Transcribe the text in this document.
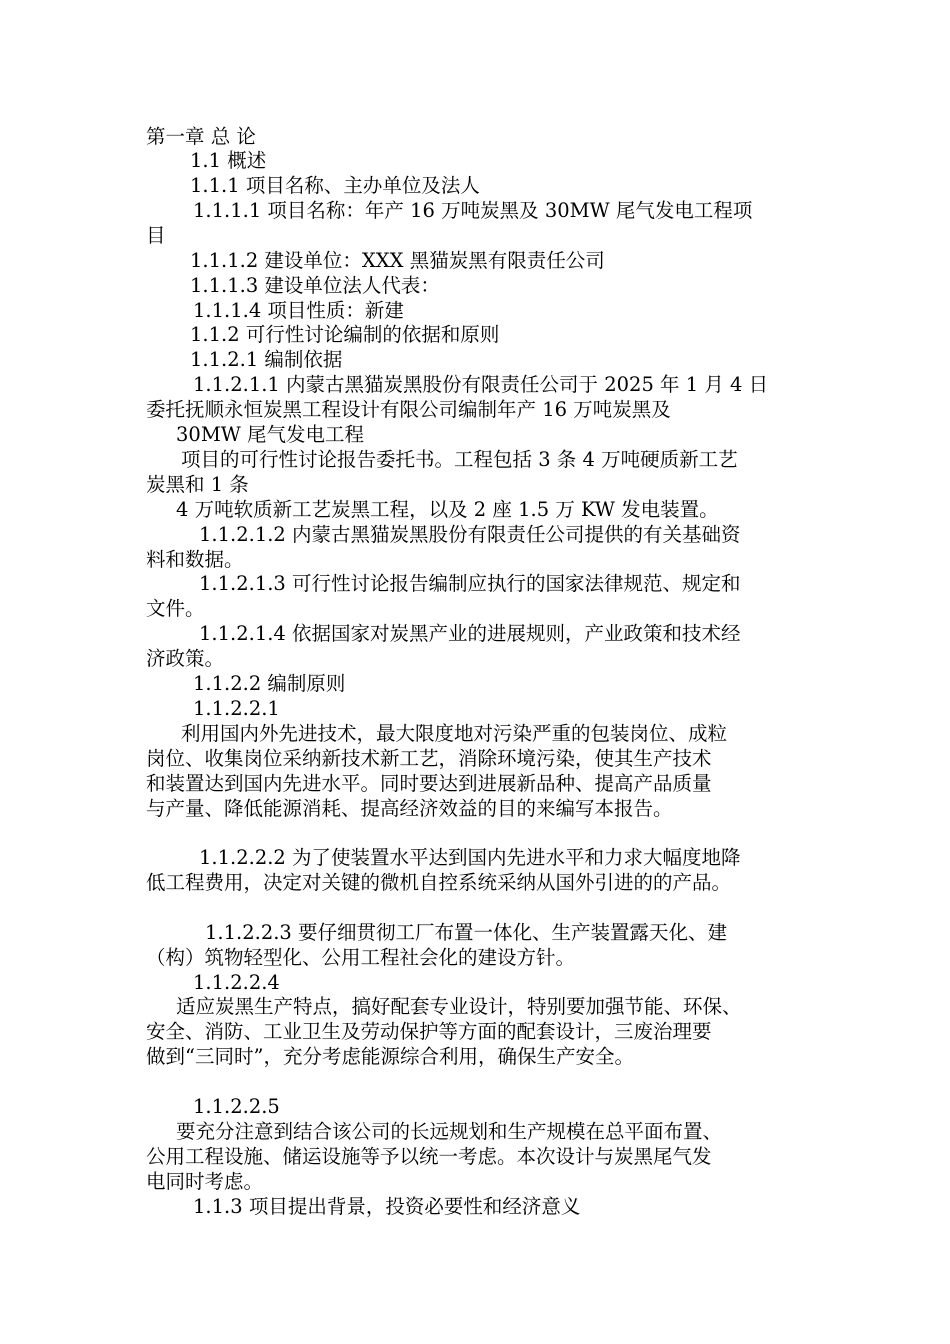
第一章 总 论
1.1 概述
1.1.1 项目名称、主办单位及法人
1.1.1.1 项目名称：年产 16 万吨炭黑及 30MW 尾气发电工程项
目
1.1.1.2 建设单位：XXX 黑猫炭黑有限责任公司
1.1.1.3 建设单位法人代表：
1.1.1.4 项目性质：新建
1.1.2 可行性讨论编制的依据和原则
1.1.2.1 编制依据
1.1.2.1.1 内蒙古黑猫炭黑股份有限责任公司于 2025 年 1 月 4 日
委托抚顺永恒炭黑工程设计有限公司编制年产 16 万吨炭黑及
30MW 尾气发电工程
项目的可行性讨论报告委托书。工程包括 3 条 4 万吨硬质新工艺
炭黑和 1 条
4 万吨软质新工艺炭黑工程，以及 2 座 1.5 万 KW 发电装置。
1.1.2.1.2 内蒙古黑猫炭黑股份有限责任公司提供的有关基础资
料和数据。
1.1.2.1.3 可行性讨论报告编制应执行的国家法律规范、规定和
文件。
1.1.2.1.4 依据国家对炭黑产业的进展规则，产业政策和技术经
济政策。
1.1.2.2 编制原则
1.1.2.2.1
利用国内外先进技术，最大限度地对污染严重的包装岗位、成粒
岗位、收集岗位采纳新技术新工艺，消除环境污染，使其生产技术
和装置达到国内先进水平。同时要达到进展新品种、提高产品质量
与产量、降低能源消耗、提高经济效益的目的来编写本报告。
1.1.2.2.2 为了使装置水平达到国内先进水平和力求大幅度地降
低工程费用，决定对关键的微机自控系统采纳从国外引进的的产品。
1.1.2.2.3 要仔细贯彻工厂布置一体化、生产装置露天化、建
（构）筑物轻型化、公用工程社会化的建设方针。
1.1.2.2.4
适应炭黑生产特点，搞好配套专业设计，特别要加强节能、环保、
安全、消防、工业卫生及劳动保护等方面的配套设计，三废治理要
做到“三同时”，充分考虑能源综合利用，确保生产安全。
1.1.2.2.5
要充分注意到结合该公司的长远规划和生产规模在总平面布置、
公用工程设施、储运设施等予以统一考虑。本次设计与炭黑尾气发
电同时考虑。
1.1.3 项目提出背景，投资必要性和经济意义
